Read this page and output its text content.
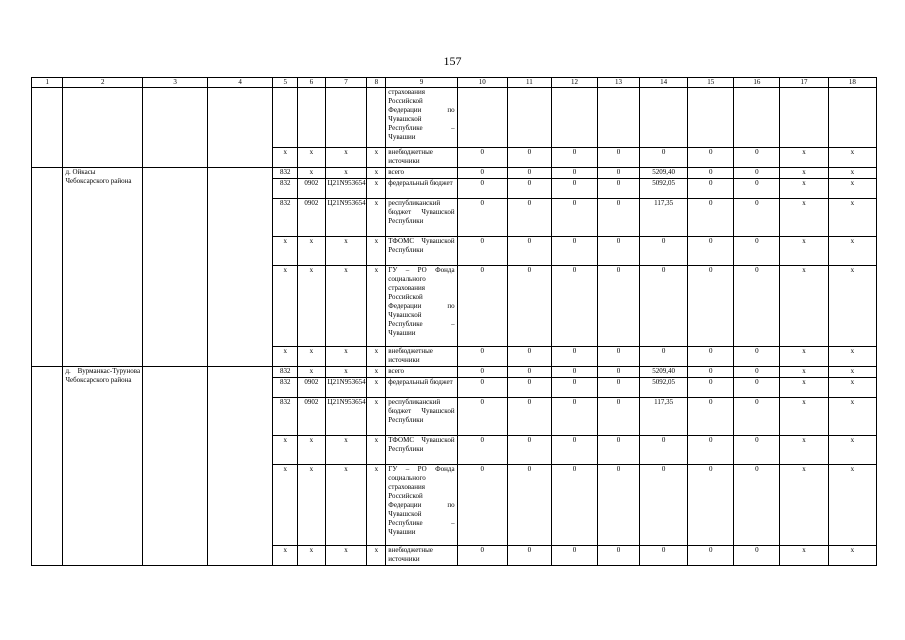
157
1	2	3	4	5	6	7	8	9	10	11	12	13	14	15	16	17	18
								страхования Российской Федерации по Чувашской Республике – Чувашии									
				х	х	х	х	внебюджетные источники	0	0	0	0	0	0	0	х	х
	д. Ойкасы Чебоксарского района			832	х	х	х	всего	0	0	0	0	5209,40	0	0	х	х
				832	0902	Ц21N953654	х	федеральный бюджет	0	0	0	0	5092,05	0	0	х	х
				832	0902	Ц21N953654	х	республиканский бюджет Чувашской Республики	0	0	0	0	117,35	0	0	х	х
				х	х	х	х	ТФОМС Чувашской Республики	0	0	0	0	0	0	0	х	х
				х	х	х	х	ГУ – РО Фонда социального страхования Российской Федерации по Чувашской Республике – Чувашии	0	0	0	0	0	0	0	х	х
				х	х	х	х	внебюджетные источники	0	0	0	0	0	0	0	х	х
	д. Вурманкас-Турунова Чебоксарского района			832	х	х	х	всего	0	0	0	0	5209,40	0	0	х	х
				832	0902	Ц21N953654	х	федеральный бюджет	0	0	0	0	5092,05	0	0	х	х
				832	0902	Ц21N953654	х	республиканский бюджет Чувашской Республики	0	0	0	0	117,35	0	0	х	х
				х	х	х	х	ТФОМС Чувашской Республики	0	0	0	0	0	0	0	х	х
				х	х	х	х	ГУ – РО Фонда социального страхования Российской Федерации по Чувашской Республике – Чувашии	0	0	0	0	0	0	0	х	х
				х	х	х	х	внебюджетные источники	0	0	0	0	0	0	0	х	х
